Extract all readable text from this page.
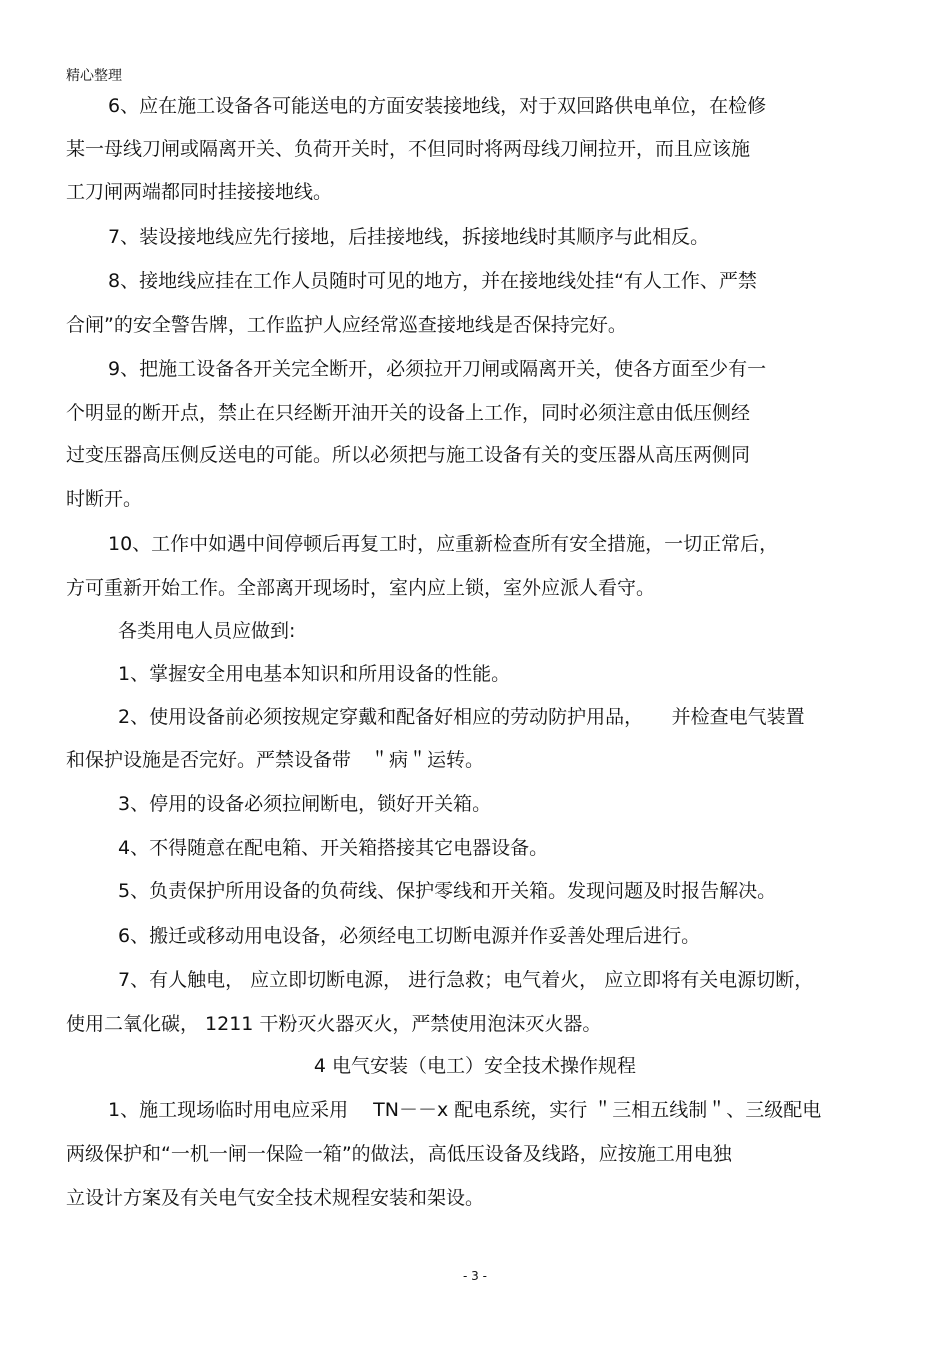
精心整理
6、应在施工设备各可能送电的方面安装接地线，对于双回路供电单位，在检修
某一母线刀闸或隔离开关、负荷开关时，不但同时将两母线刀闸拉开，而且应该施
工刀闸两端都同时挂接接地线。
7、装设接地线应先行接地，后挂接地线，拆接地线时其顺序与此相反。
8、接地线应挂在工作人员随时可见的地方，并在接地线处挂“有人工作、严禁
合闸”的安全警告牌，工作监护人应经常巡查接地线是否保持完好。
9、把施工设备各开关完全断开，必须拉开刀闸或隔离开关，使各方面至少有一
个明显的断开点，禁止在只经断开油开关的设备上工作，同时必须注意由低压侧经
过变压器高压侧反送电的可能。所以必须把与施工设备有关的变压器从高压两侧同
时断开。
10、工作中如遇中间停顿后再复工时，应重新检查所有安全措施，一切正常后，
方可重新开始工作。全部离开现场时，室内应上锁，室外应派人看守。
各类用电人员应做到:
1、掌握安全用电基本知识和所用设备的性能。
2、使用设备前必须按规定穿戴和配备好相应的劳动防护用品，　　并检查电气装置
和保护设施是否完好。严禁设备带　＂病＂运转。
3、停用的设备必须拉闸断电，锁好开关箱。
4、不得随意在配电箱、开关箱搭接其它电器设备。
5、负责保护所用设备的负荷线、保护零线和开关箱。发现问题及时报告解决。
6、搬迁或移动用电设备，必须经电工切断电源并作妥善处理后进行。
7、有人触电， 应立即切断电源， 进行急救；电气着火， 应立即将有关电源切断，
使用二氧化碳， 1211 干粉灭火器灭火，严禁使用泡沫灭火器。
4 电气安装（电工）安全技术操作规程
1、施工现场临时用电应采用　 TN－－x 配电系统，实行 ＂三相五线制＂、三级配电
两级保护和“一机一闸一保险一箱”的做法，高低压设备及线路，应按施工用电独
立设计方案及有关电气安全技术规程安装和架设。
- 3 -
